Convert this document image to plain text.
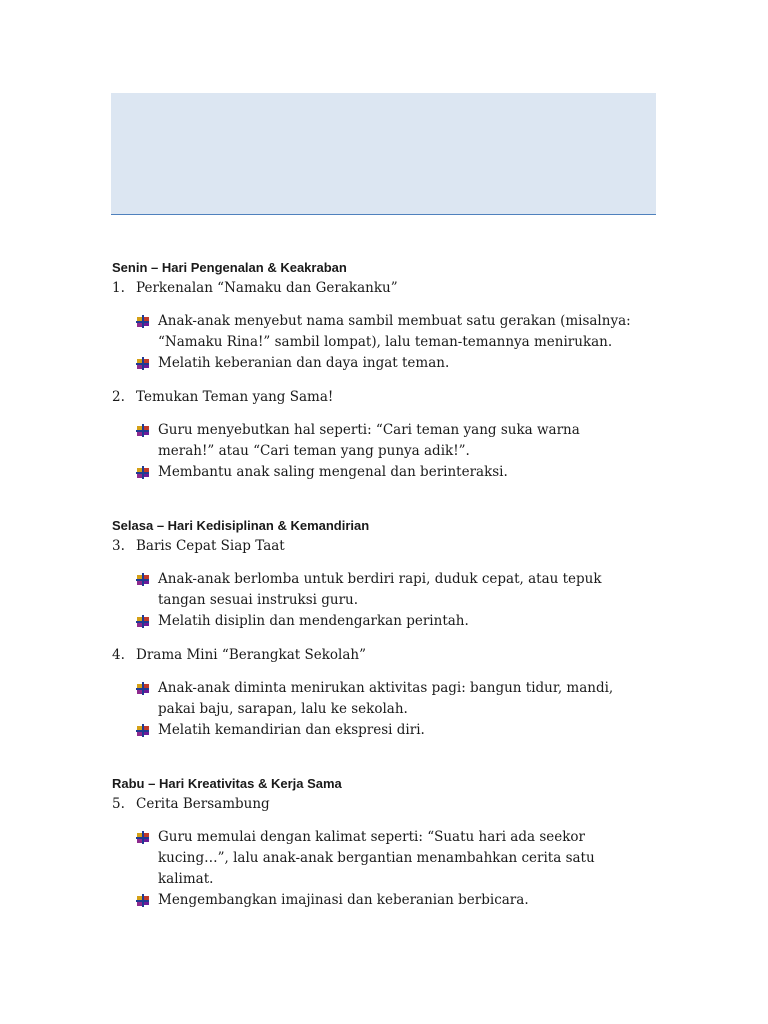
Senin – Hari Pengenalan & Keakraban

1. Perkenalan “Namaku dan Gerakanku”
Anak-anak menyebut nama sambil membuat satu gerakan (misalnya: “Namaku Rina!” sambil lompat), lalu teman-temannya menirukan.
Melatih keberanian dan daya ingat teman.
2. Temukan Teman yang Sama!
Guru menyebutkan hal seperti: “Cari teman yang suka warna merah!” atau “Cari teman yang punya adik!”.
Membantu anak saling mengenal dan berinteraksi.

Selasa – Hari Kedisiplinan & Kemandirian

3. Baris Cepat Siap Taat
Anak-anak berlomba untuk berdiri rapi, duduk cepat, atau tepuk tangan sesuai instruksi guru.
Melatih disiplin dan mendengarkan perintah.
4. Drama Mini “Berangkat Sekolah”
Anak-anak diminta menirukan aktivitas pagi: bangun tidur, mandi, pakai baju, sarapan, lalu ke sekolah.
Melatih kemandirian dan ekspresi diri.

Rabu – Hari Kreativitas & Kerja Sama

5. Cerita Bersambung
Guru memulai dengan kalimat seperti: “Suatu hari ada seekor kucing…”, lalu anak-anak bergantian menambahkan cerita satu kalimat.
Mengembangkan imajinasi dan keberanian berbicara.
